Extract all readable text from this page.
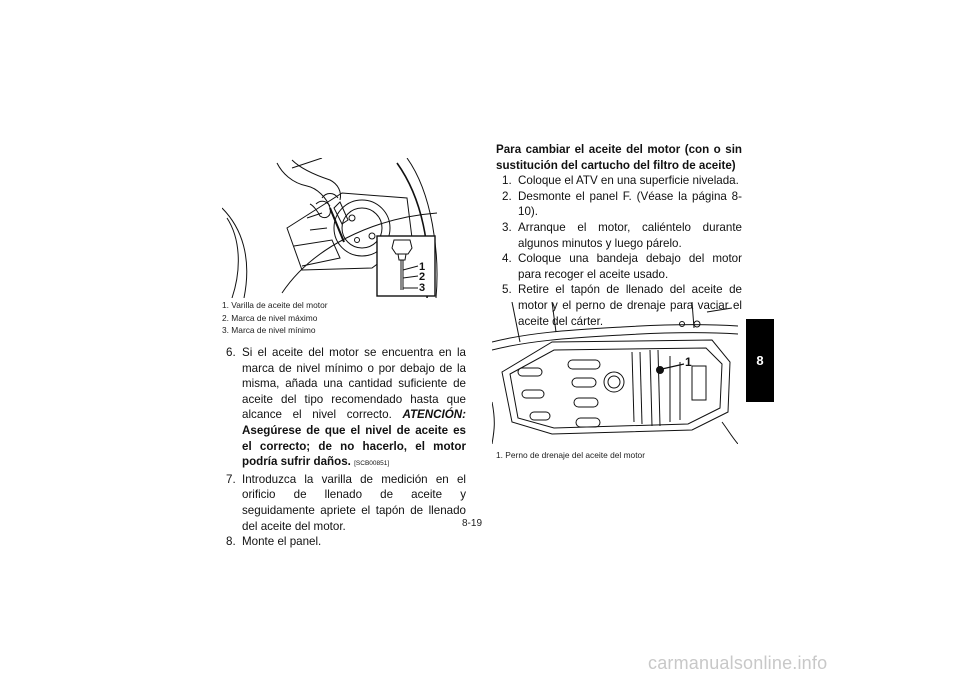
1
2
3
1. Varilla de aceite del motor
2. Marca de nivel máximo
3. Marca de nivel mínimo
6. Si el aceite del motor se encuentra en la marca de nivel mínimo o por debajo de la misma, añada una cantidad suficiente de aceite del tipo recomendado hasta que alcance el nivel correcto. ATENCIÓN: Asegúrese de que el nivel de aceite es el correcto; de no hacerlo, el motor podría sufrir daños. [SCB00851]
7. Introduzca la varilla de medición en el orificio de llenado de aceite y seguidamente apriete el tapón de llenado del aceite del motor.
8. Monte el panel.
Para cambiar el aceite del motor (con o sin sustitución del cartucho del filtro de aceite)
1. Coloque el ATV en una superficie nivelada.
2. Desmonte el panel F. (Véase la página 8-10).
3. Arranque el motor, caliéntelo durante algunos minutos y luego párelo.
4. Coloque una bandeja debajo del motor para recoger el aceite usado.
5. Retire el tapón de llenado del aceite de motor y el perno de drenaje para vaciar el aceite del cárter.
1
1. Perno de drenaje del aceite del motor
8
8-19
carmanualsonline.info
